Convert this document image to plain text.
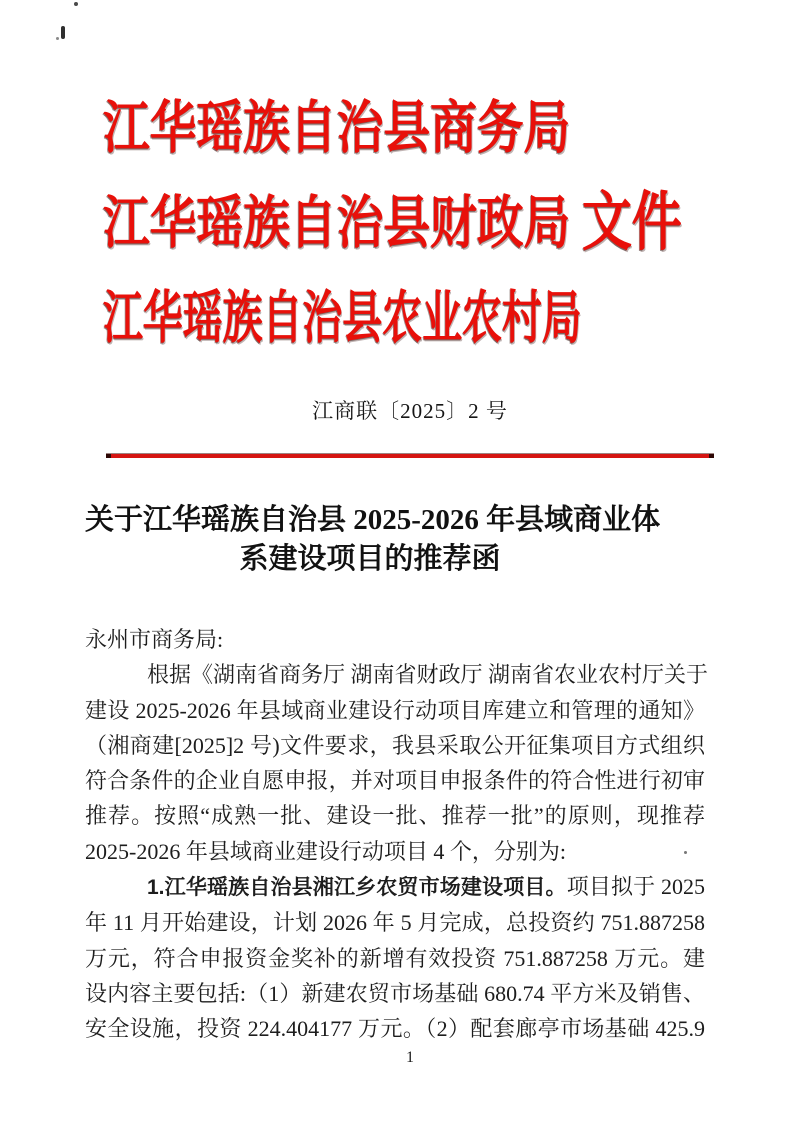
江华瑶族自治县商务局
江华瑶族自治县财政局 文件
江华瑶族自治县农业农村局
江商联〔2025〕2 号
关于江华瑶族自治县 2025-2026 年县域商业体
系建设项目的推荐函
永州市商务局:
根据《湖南省商务厅 湖南省财政厅 湖南省农业农村厅关于
建设 2025-2026 年县域商业建设行动项目库建立和管理的通知》
（湘商建[2025]2 号)文件要求，我县采取公开征集项目方式组织
符合条件的企业自愿申报，并对项目申报条件的符合性进行初审
推荐。按照“成熟一批、建设一批、推荐一批”的原则，现推荐
2025-2026 年县域商业建设行动项目 4 个，分别为:
1.江华瑶族自治县湘江乡农贸市场建设项目。项目拟于 2025
年 11 月开始建设，计划 2026 年 5 月完成，总投资约 751.887258
万元，符合申报资金奖补的新增有效投资 751.887258 万元。建
设内容主要包括:（1）新建农贸市场基础 680.74 平方米及销售、
安全设施，投资 224.404177 万元。（2）配套廊亭市场基础 425.9
1
